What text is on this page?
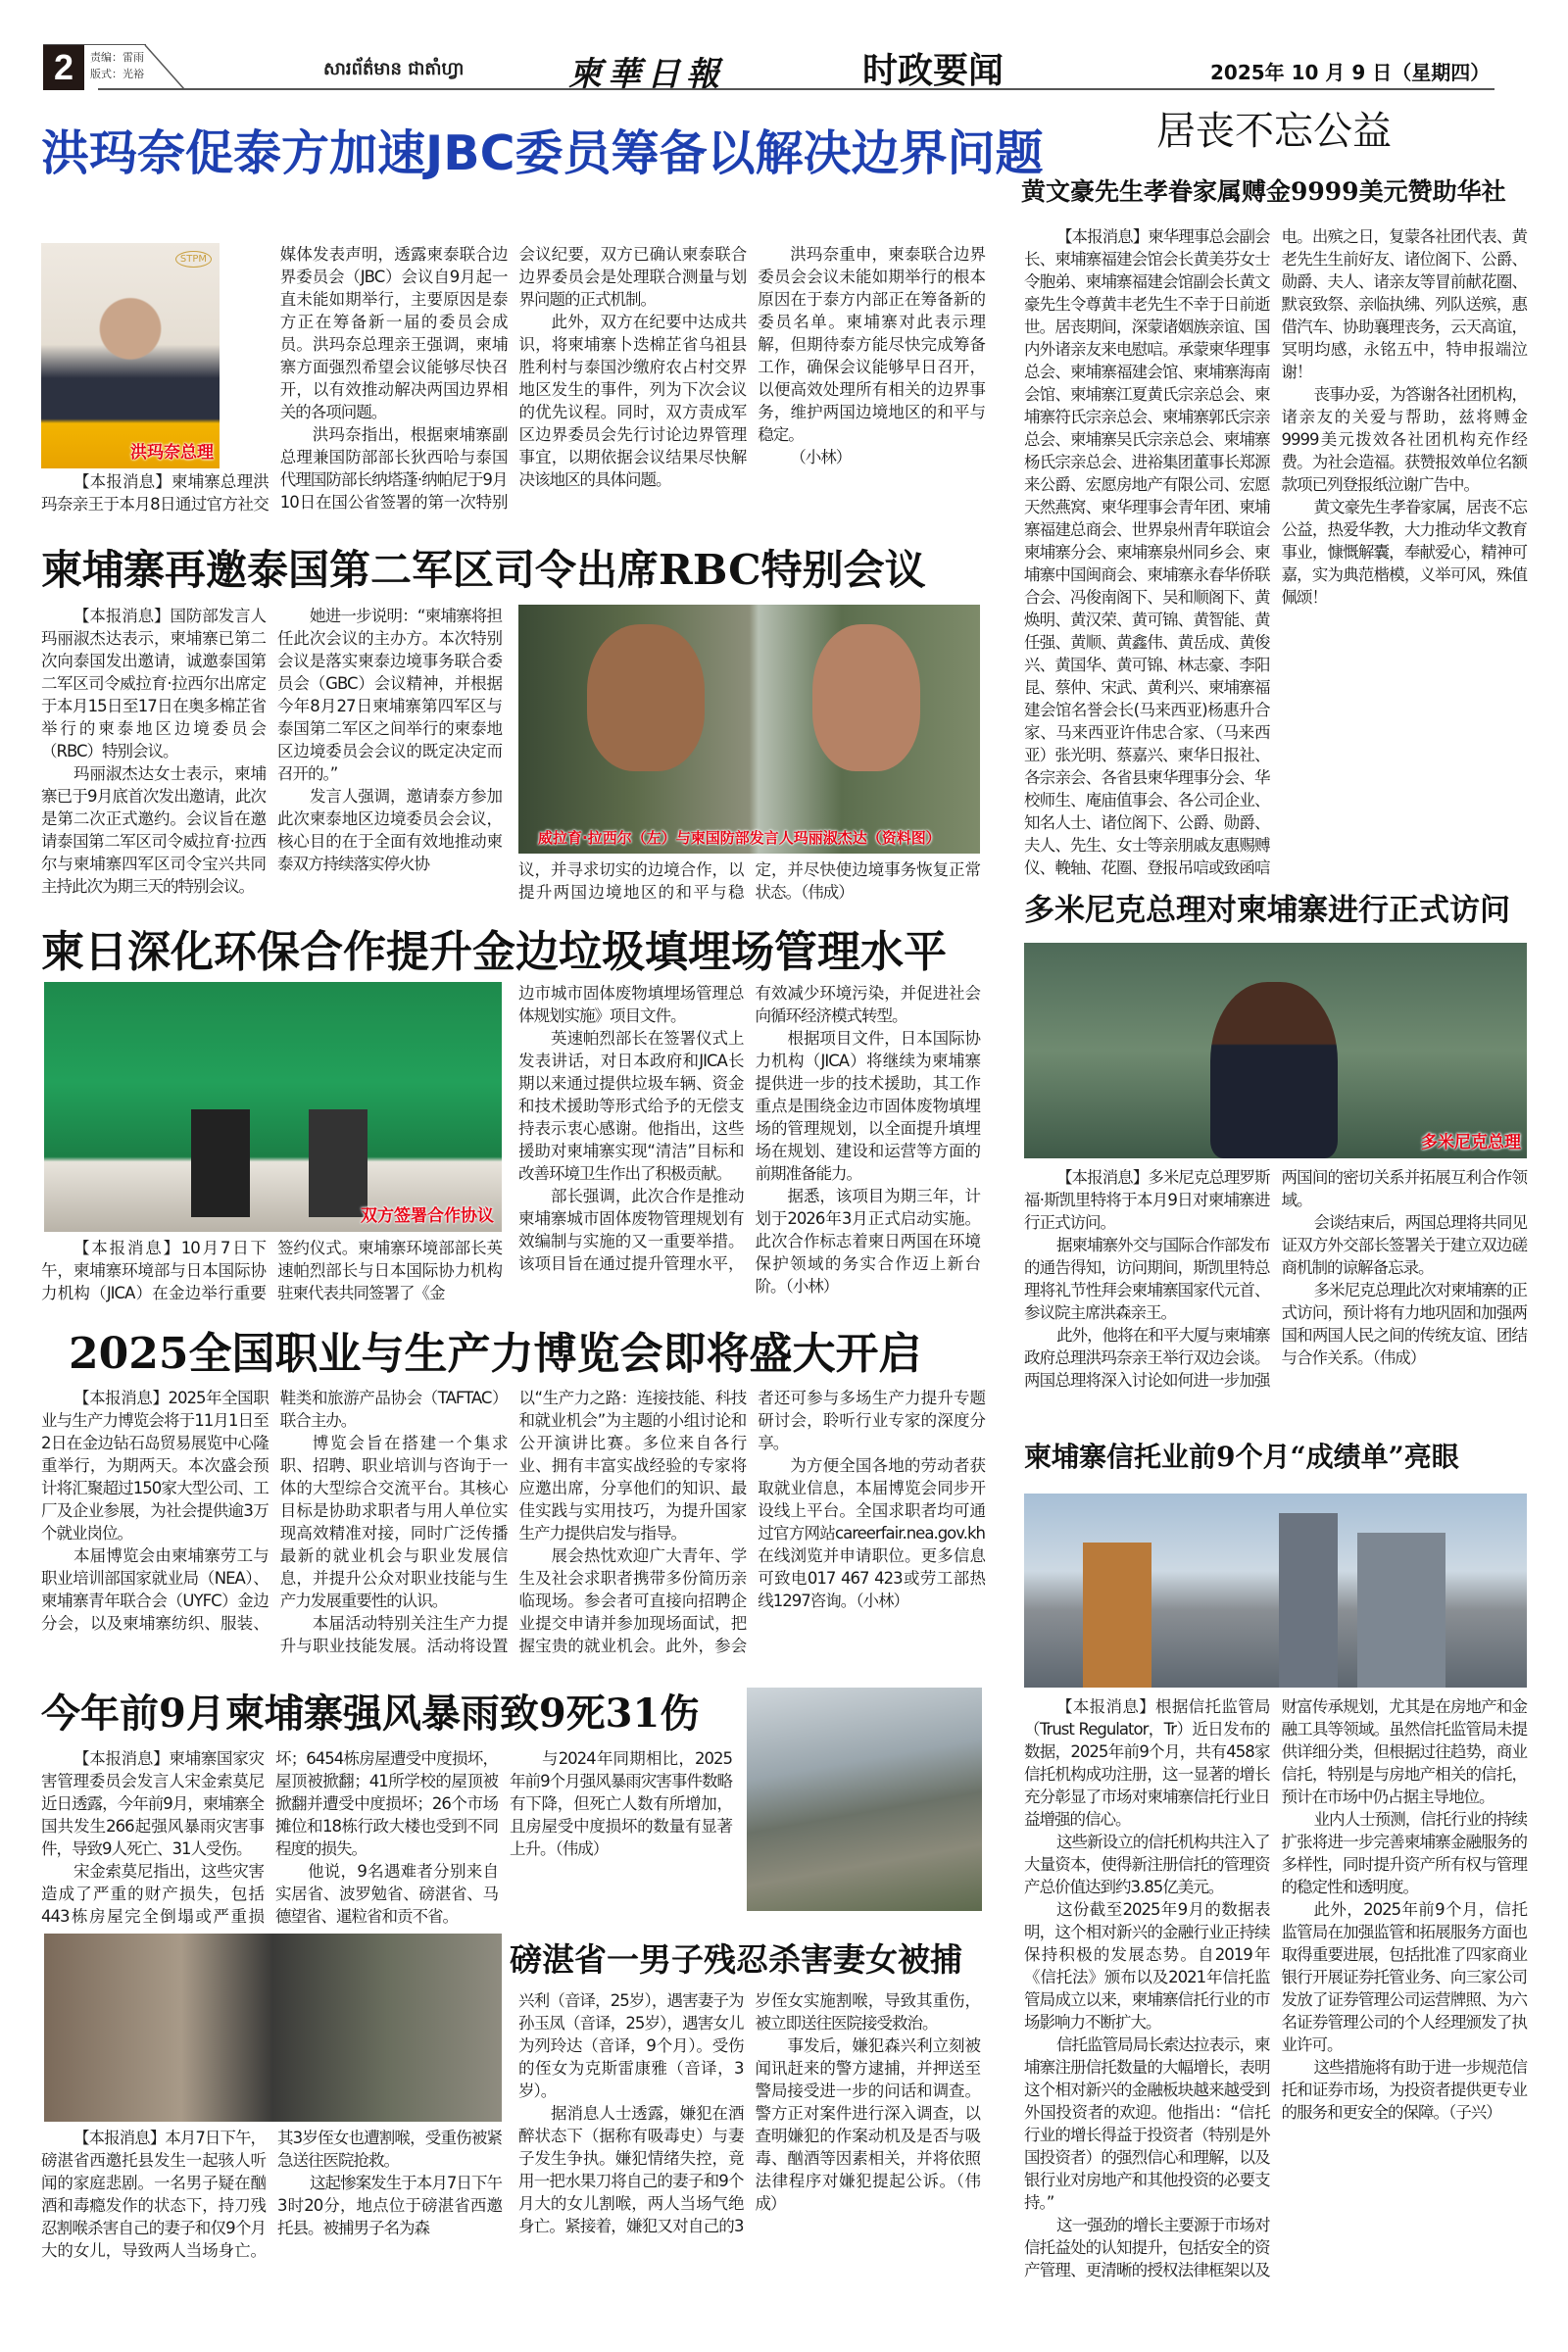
2	责编：雷雨
版式：光裕	សារព័ត៌មាន ជាតាំហ្វា	柬華日報	时政要闻	2025年 10 月 9 日（星期四）
洪玛奈促泰方加速JBC委员筹备以解决边界问题
STPM
洪玛奈总理

【本报消息】柬埔寨总理洪玛奈亲王于本月8日通过官方社交媒体发表声明，透露柬泰联合边界委员会（JBC）会议自9月起一直未能如期举行，主要原因是泰方正在筹备新一届的委员会成员。洪玛奈总理亲王强调，柬埔寨方面强烈希望会议能够尽快召开，以有效推动解决两国边界相关的各项问题。

洪玛奈指出，根据柬埔寨副总理兼国防部部长狄西哈与泰国代理国防部长纳塔蓬·纳帕尼于9月10日在国公省签署的第一次特别会议纪要，双方已确认柬泰联合边界委员会是处理联合测量与划界问题的正式机制。

此外，双方在纪要中达成共识，将柬埔寨卜迭棉芷省乌祖县胜利村与泰国沙缴府农占村交界地区发生的事件，列为下次会议的优先议程。同时，双方责成军区边界委员会先行讨论边界管理事宜，以期依据会议结果尽快解决该地区的具体问题。

洪玛奈重申，柬泰联合边界委员会会议未能如期举行的根本原因在于泰方内部正在筹备新的委员名单。柬埔寨对此表示理解，但期待泰方能尽快完成筹备工作，确保会议能够早日召开，以便高效处理所有相关的边界事务，维护两国边境地区的和平与稳定。

（小林）

柬埔寨再邀泰国第二军区司令出席RBC特别会议

【本报消息】国防部发言人玛丽淑杰达表示，柬埔寨已第二次向泰国发出邀请，诚邀泰国第二军区司令威拉育·拉西尔出席定于本月15日至17日在奥多棉芷省举行的柬泰地区边境委员会（RBC）特别会议。

玛丽淑杰达女士表示，柬埔寨已于9月底首次发出邀请，此次是第二次正式邀约。会议旨在邀请泰国第二军区司令威拉育·拉西尔与柬埔寨四军区司令宝兴共同主持此次为期三天的特别会议。

她进一步说明：“柬埔寨将担任此次会议的主办方。本次特别会议是落实柬泰边境事务联合委员会（GBC）会议精神，并根据今年8月27日柬埔寨第四军区与泰国第二军区之间举行的柬泰地区边境委员会会议的既定决定而召开的。”

发言人强调，邀请泰方参加此次柬泰地区边境委员会会议，核心目的在于全面有效地推动柬泰双方持续落实停火协

威拉育·拉西尔（左）与柬国防部发言人玛丽淑杰达（资料图）

议，并寻求切实的边境合作，以提升两国边境地区的和平与稳定，并尽快使边境事务恢复正常状态。（伟成）

柬日深化环保合作提升金边垃圾填埋场管理水平
双方签署合作协议

【本报消息】10月7日下午，柬埔寨环境部与日本国际协力机构（JICA）在金边举行重要签约仪式。柬埔寨环境部部长英速帕烈部长与日本国际协力机构驻柬代表共同签署了《金

边市城市固体废物填埋场管理总体规划实施》项目文件。

英速帕烈部长在签署仪式上发表讲话，对日本政府和JICA长期以来通过提供垃圾车辆、资金和技术援助等形式给予的无偿支持表示衷心感谢。他指出，这些援助对柬埔寨实现“清洁”目标和改善环境卫生作出了积极贡献。

部长强调，此次合作是推动柬埔寨城市固体废物管理规划有效编制与实施的又一重要举措。该项目旨在通过提升管理水平，有效减少环境污染，并促进社会向循环经济模式转型。

根据项目文件，日本国际协力机构（JICA）将继续为柬埔寨提供进一步的技术援助，其工作重点是围绕金边市固体废物填埋场的管理规划，以全面提升填埋场在规划、建设和运营等方面的前期准备能力。

据悉，该项目为期三年，计划于2026年3月正式启动实施。此次合作标志着柬日两国在环境保护领域的务实合作迈上新台阶。（小林）

2025全国职业与生产力博览会即将盛大开启

【本报消息】2025年全国职业与生产力博览会将于11月1日至2日在金边钻石岛贸易展览中心隆重举行，为期两天。本次盛会预计将汇聚超过150家大型公司、工厂及企业参展，为社会提供逾3万个就业岗位。

本届博览会由柬埔寨劳工与职业培训部国家就业局（NEA）、柬埔寨青年联合会（UYFC）金边分会，以及柬埔寨纺织、服装、鞋类和旅游产品协会（TAFTAC）联合主办。

博览会旨在搭建一个集求职、招聘、职业培训与咨询于一体的大型综合交流平台。其核心目标是协助求职者与用人单位实现高效精准对接，同时广泛传播最新的就业机会与职业发展信息，并提升公众对职业技能与生产力发展重要性的认识。

本届活动特别关注生产力提升与职业技能发展。活动将设置以“生产力之路：连接技能、科技和就业机会”为主题的小组讨论和公开演讲比赛。多位来自各行业、拥有丰富实战经验的专家将应邀出席，分享他们的知识、最佳实践与实用技巧，为提升国家生产力提供启发与指导。

展会热忱欢迎广大青年、学生及社会求职者携带多份简历亲临现场。参会者可直接向招聘企业提交申请并参加现场面试，把握宝贵的就业机会。此外，参会者还可参与多场生产力提升专题研讨会，聆听行业专家的深度分享。

为方便全国各地的劳动者获取就业信息，本届博览会同步开设线上平台。全国求职者均可通过官方网站careerfair.nea.gov.kh在线浏览并申请职位。更多信息可致电017 467 423或劳工部热线1297咨询。（小林）

今年前9月柬埔寨强风暴雨致9死31伤

【本报消息】柬埔寨国家灾害管理委员会发言人宋金索莫尼近日透露，今年前9月，柬埔寨全国共发生266起强风暴雨灾害事件，导致9人死亡、31人受伤。

宋金索莫尼指出，这些灾害造成了严重的财产损失，包括443栋房屋完全倒塌或严重损坏；6454栋房屋遭受中度损坏，屋顶被掀翻；41所学校的屋顶被掀翻并遭受中度损坏；26个市场摊位和18栋行政大楼也受到不同程度的损失。

他说，9名遇难者分别来自实居省、波罗勉省、磅湛省、马德望省、暹粒省和贡不省。

与2024年同期相比，2025年前9个月强风暴雨灾害事件数略有下降，但死亡人数有所增加，且房屋受中度损坏的数量有显著上升。（伟成）

磅湛省一男子残忍杀害妻女被捕

【本报消息】本月7日下午，磅湛省西邀托县发生一起骇人听闻的家庭悲剧。一名男子疑在酗酒和毒瘾发作的状态下，持刀残忍割喉杀害自己的妻子和仅9个月大的女儿，导致两人当场身亡。其3岁侄女也遭割喉，受重伤被紧急送往医院抢救。

这起惨案发生于本月7日下午3时20分，地点位于磅湛省西邀托县。被捕男子名为森

兴利（音译，25岁），遇害妻子为孙玉凤（音译，25岁），遇害女儿为列玲达（音译，9个月）。受伤的侄女为克斯雷康雅（音译，3岁）。

据消息人士透露，嫌犯在酒醉状态下（据称有吸毒史）与妻子发生争执。嫌犯情绪失控，竟用一把水果刀将自己的妻子和9个月大的女儿割喉，两人当场气绝身亡。紧接着，嫌犯又对自己的3岁侄女实施割喉，导致其重伤，被立即送往医院接受救治。

事发后，嫌犯森兴利立刻被闻讯赶来的警方逮捕，并押送至警局接受进一步的问话和调查。警方正对案件进行深入调查，以查明嫌犯的作案动机及是否与吸毒、酗酒等因素相关，并将依照法律程序对嫌犯提起公诉。（伟成）

居丧不忘公益
黄文豪先生孝眷家属赙金9999美元赞助华社

【本报消息】柬华理事总会副会长、柬埔寨福建会馆会长黄美芬女士令胞弟、柬埔寨福建会馆副会长黄文豪先生令尊黄丰老先生不幸于日前逝世。居丧期间，深蒙诸姻族亲谊、国内外诸亲友来电慰唁。承蒙柬华理事总会、柬埔寨福建会馆、柬埔寨海南会馆、柬埔寨江夏黄氏宗亲总会、柬埔寨符氏宗亲总会、柬埔寨郭氏宗亲总会、柬埔寨吴氏宗亲总会、柬埔寨杨氏宗亲总会、进裕集团董事长郑源来公爵、宏愿房地产有限公司、宏愿天然燕窝、柬华理事会青年团、柬埔寨福建总商会、世界泉州青年联谊会柬埔寨分会、柬埔寨泉州同乡会、柬埔寨中国闽商会、柬埔寨永春华侨联合会、冯俊南阁下、吴和顺阁下、黄焕明、黄汉荣、黄可锦、黄智能、黄任强、黄顺、黄鑫伟、黄岳成、黄俊兴、黄国华、黄可锦、林志豪、李阳昆、蔡仲、宋武、黄利兴、柬埔寨福建会馆名誉会长(马来西亚)杨惠升合家、马来西亚许伟忠合家、（马来西亚）张光明、蔡嘉兴、柬华日报社、各宗亲会、各省县柬华理事分会、华校师生、庵庙值事会、各公司企业、知名人士、诸位阁下、公爵、勋爵、夫人、先生、女士等亲朋戚友惠赐赙仪、輓轴、花圈、登报吊唁或致函唁电。出殡之日，复蒙各社团代表、黄老先生生前好友、诸位阁下、公爵、勋爵、夫人、诸亲友等冒前献花圈、默哀致祭、亲临执绋、列队送殡，惠借汽车、协助襄理丧务，云天高谊，冥明均感，永铭五中，特申报端泣谢！

丧事办妥，为答谢各社团机构，诸亲友的关爱与帮助，兹将赙金9999美元拨效各社团机构充作经费。为社会造福。获赞报效单位名额款项已列登报纸泣谢广告中。

黄文豪先生孝眷家属，居丧不忘公益，热爱华教，大力推动华文教育事业，慷慨解囊，奉献爱心，精神可嘉，实为典范楷模，义举可风，殊值佩颂！

多米尼克总理对柬埔寨进行正式访问
多米尼克总理

【本报消息】多米尼克总理罗斯福·斯凯里特将于本月9日对柬埔寨进行正式访问。

据柬埔寨外交与国际合作部发布的通告得知，访问期间，斯凯里特总理将礼节性拜会柬埔寨国家代元首、参议院主席洪森亲王。

此外，他将在和平大厦与柬埔寨政府总理洪玛奈亲王举行双边会谈。两国总理将深入讨论如何进一步加强两国间的密切关系并拓展互利合作领域。

会谈结束后，两国总理将共同见证双方外交部长签署关于建立双边磋商机制的谅解备忘录。

多米尼克总理此次对柬埔寨的正式访问，预计将有力地巩固和加强两国和两国人民之间的传统友谊、团结与合作关系。（伟成）

柬埔寨信托业前9个月“成绩单”亮眼

【本报消息】根据信托监管局（Trust Regulator，Tr）近日发布的数据，2025年前9个月，共有458家信托机构成功注册，这一显著的增长充分彰显了市场对柬埔寨信托行业日益增强的信心。

这些新设立的信托机构共注入了大量资本，使得新注册信托的管理资产总价值达到约3.85亿美元。

这份截至2025年9月的数据表明，这个相对新兴的金融行业正持续保持积极的发展态势。自2019年《信托法》颁布以及2021年信托监管局成立以来，柬埔寨信托行业的市场影响力不断扩大。

信托监管局局长索达拉表示，柬埔寨注册信托数量的大幅增长，表明这个相对新兴的金融板块越来越受到外国投资者的欢迎。他指出：“信托行业的增长得益于投资者（特别是外国投资者）的强烈信心和理解，以及银行业对房地产和其他投资的必要支持。”

这一强劲的增长主要源于市场对信托益处的认知提升，包括安全的资产管理、更清晰的授权法律框架以及财富传承规划，尤其是在房地产和金融工具等领域。虽然信托监管局未提供详细分类，但根据过往趋势，商业信托，特别是与房地产相关的信托，预计在市场中仍占据主导地位。

业内人士预测，信托行业的持续扩张将进一步完善柬埔寨金融服务的多样性，同时提升资产所有权与管理的稳定性和透明度。

此外，2025年前9个月，信托监管局在加强监管和拓展服务方面也取得重要进展，包括批准了四家商业银行开展证券托管业务、向三家公司发放了证券管理公司运营牌照、为六名证券管理公司的个人经理颁发了执业许可。

这些措施将有助于进一步规范信托和证券市场，为投资者提供更专业的服务和更安全的保障。（子兴）
